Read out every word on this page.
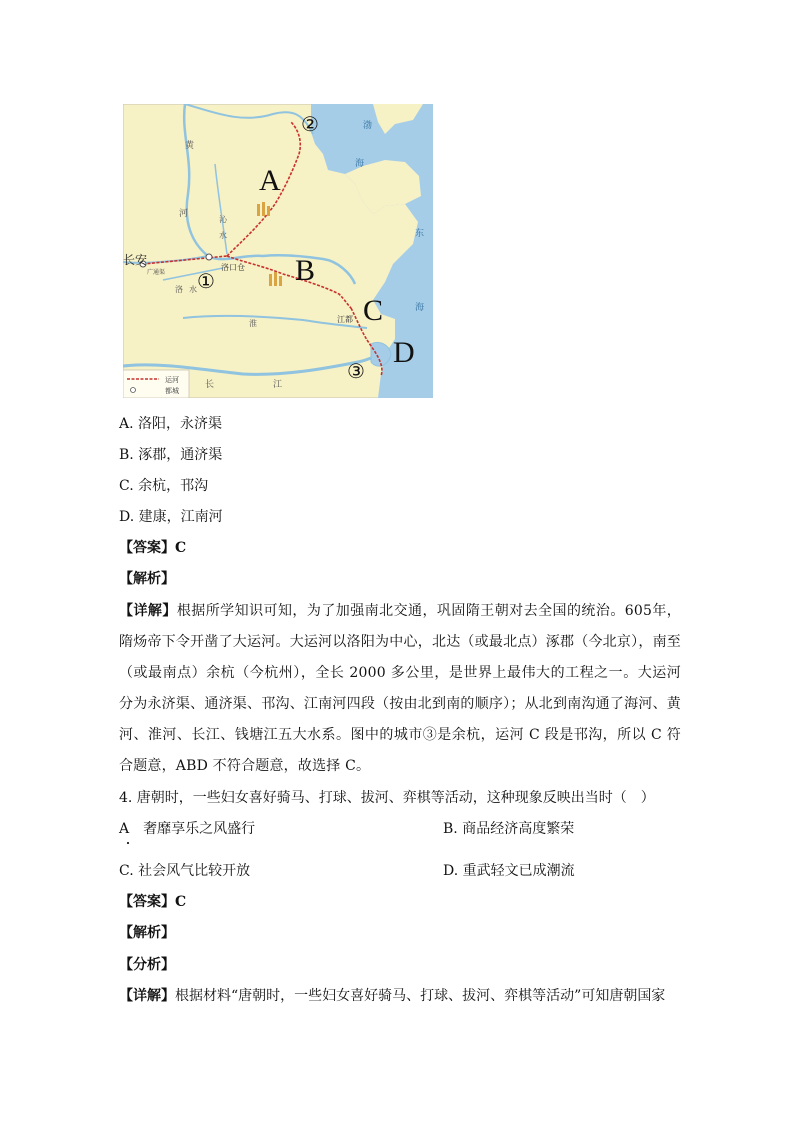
A
B
C
D
①
②
③
长安
广通渠
洛口仓
江都
黄
河
渤
海
东
海
沁
水
洛 水
淮
长	江
运河
都城
A. 洛阳，永济渠
B. 涿郡，通济渠
C. 余杭，邗沟
D. 建康，江南河
【答案】C
【解析】
【详解】根据所学知识可知，为了加强南北交通，巩固隋王朝对去全国的统治。605年，隋炀帝下令开凿了大运河。大运河以洛阳为中心，北达（或最北点）涿郡（今北京），南至（或最南点）余杭（今杭州），全长 2000 多公里，是世界上最伟大的工程之一。大运河分为永济渠、通济渠、邗沟、江南河四段（按由北到南的顺序）；从北到南沟通了海河、黄河、淮河、长江、钱塘江五大水系。图中的城市③是余杭，运河 C 段是邗沟，所以 C 符合题意，ABD 不符合题意，故选择 C。
4. 唐朝时，一些妇女喜好骑马、打球、拔河、弈棋等活动，这种现象反映出当时（　）
A　奢靡享乐之风盛行	B. 商品经济高度繁荣
C. 社会风气比较开放	D. 重武轻文已成潮流
【答案】C
【解析】
【分析】
【详解】根据材料“唐朝时，一些妇女喜好骑马、打球、拔河、弈棋等活动”可知唐朝国家
